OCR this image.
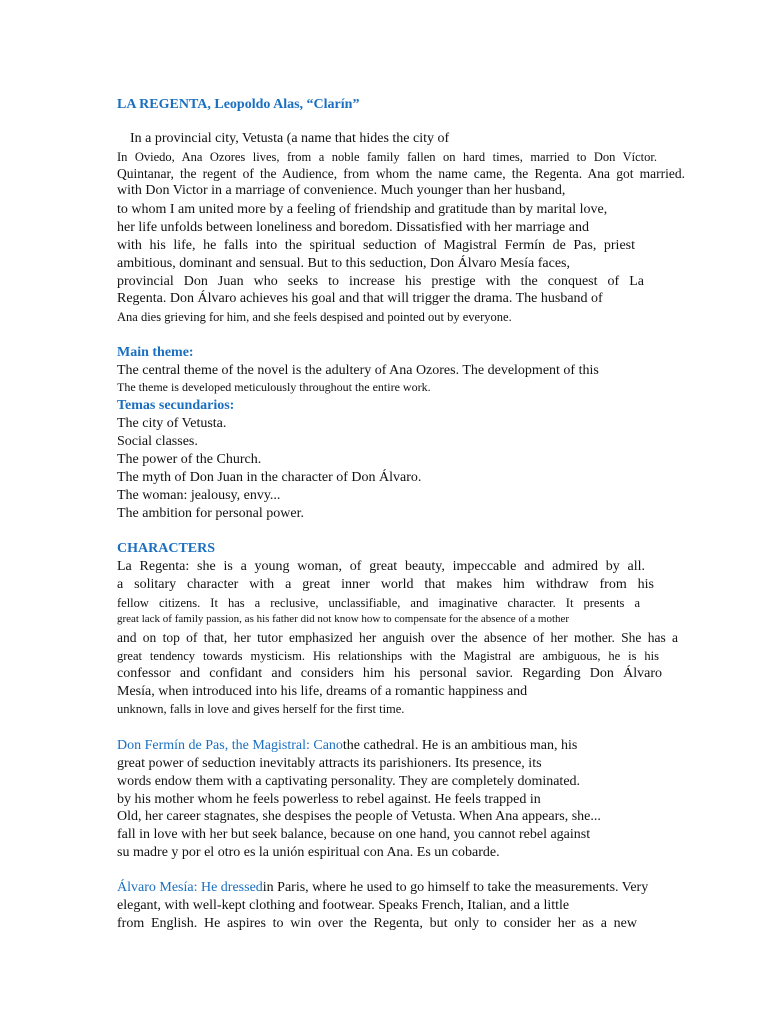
LA REGENTA, Leopoldo Alas, “Clarín”
In a provincial city, Vetusta (a name that hides the city of
In Oviedo, Ana Ozores lives, from a noble family fallen on hard times, married to Don Víctor.
Quintanar, the regent of the Audience, from whom the name came, the Regenta. Ana got married.
with Don Victor in a marriage of convenience. Much younger than her husband,
to whom I am united more by a feeling of friendship and gratitude than by marital love,
her life unfolds between loneliness and boredom. Dissatisfied with her marriage and
with his life, he falls into the spiritual seduction of Magistral Fermín de Pas, priest
ambitious, dominant and sensual. But to this seduction, Don Álvaro Mesía faces,
provincial Don Juan who seeks to increase his prestige with the conquest of La
Regenta. Don Álvaro achieves his goal and that will trigger the drama. The husband of
Ana dies grieving for him, and she feels despised and pointed out by everyone.
Main theme:
The central theme of the novel is the adultery of Ana Ozores. The development of this
The theme is developed meticulously throughout the entire work.
Temas secundarios:
The city of Vetusta.
Social classes.
The power of the Church.
The myth of Don Juan in the character of Don Álvaro.
The woman: jealousy, envy...
The ambition for personal power.
CHARACTERS
La Regenta: she is a young woman, of great beauty, impeccable and admired by all.
a solitary character with a great inner world that makes him withdraw from his
fellow citizens. It has a reclusive, unclassifiable, and imaginative character. It presents a
great lack of family passion, as his father did not know how to compensate for the absence of a mother
and on top of that, her tutor emphasized her anguish over the absence of her mother. She has a
great tendency towards mysticism. His relationships with the Magistral are ambiguous, he is his
confessor and confidant and considers him his personal savior. Regarding Don Álvaro
Mesía, when introduced into his life, dreams of a romantic happiness and
unknown, falls in love and gives herself for the first time.
Don Fermín de Pas, the Magistral: Canothe cathedral. He is an ambitious man, his
great power of seduction inevitably attracts its parishioners. Its presence, its
words endow them with a captivating personality. They are completely dominated.
by his mother whom he feels powerless to rebel against. He feels trapped in
Old, her career stagnates, she despises the people of Vetusta. When Ana appears, she...
fall in love with her but seek balance, because on one hand, you cannot rebel against
su madre y por el otro es la unión espiritual con Ana. Es un cobarde.
Álvaro Mesía: He dressedin Paris, where he used to go himself to take the measurements. Very
elegant, with well-kept clothing and footwear. Speaks French, Italian, and a little
from English. He aspires to win over the Regenta, but only to consider her as a new
